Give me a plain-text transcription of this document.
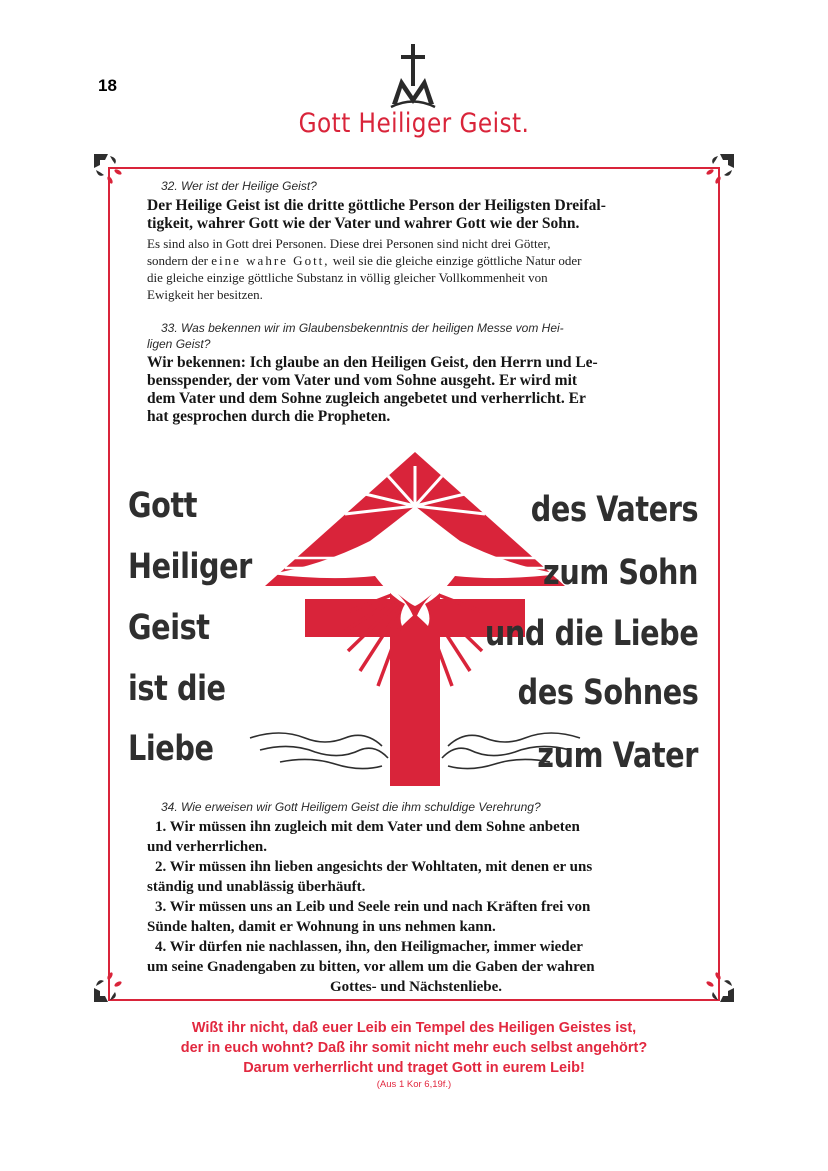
18
Gott Heiliger Geist.

32. Wer ist der Heilige Geist?

Der Heilige Geist ist die dritte göttliche Person der Heiligsten Dreifal-

tigkeit, wahrer Gott wie der Vater und wahrer Gott wie der Sohn.

Es sind also in Gott drei Personen. Diese drei Personen sind nicht drei Götter,

sondern der eine wahre Gott, weil sie die gleiche einzige göttliche Natur oder

die gleiche einzige göttliche Substanz in völlig gleicher Vollkommenheit von

Ewigkeit her besitzen.

33. Was bekennen wir im Glaubensbekenntnis der heiligen Messe vom Hei-

ligen Geist?

Wir bekennen: Ich glaube an den Heiligen Geist, den Herrn und Le-

bensspender, der vom Vater und vom Sohne ausgeht. Er wird mit

dem Vater und dem Sohne zugleich angebetet und verherrlicht. Er

hat gesprochen durch die Propheten.

Gott
Heiliger
Geist
ist die
Liebe
des Vaters
zum Sohn
und die Liebe
des Sohnes
zum Vater

34. Wie erweisen wir Gott Heiligem Geist die ihm schuldige Verehrung?

1. Wir müssen ihn zugleich mit dem Vater und dem Sohne anbeten

und verherrlichen.

2. Wir müssen ihn lieben angesichts der Wohltaten, mit denen er uns

ständig und unablässig überhäuft.

3. Wir müssen uns an Leib und Seele rein und nach Kräften frei von

Sünde halten, damit er Wohnung in uns nehmen kann.

4. Wir dürfen nie nachlassen, ihn, den Heiligmacher, immer wieder

um seine Gnadengaben zu bitten, vor allem um die Gaben der wahren

Gottes- und Nächstenliebe.

Wißt ihr nicht, daß euer Leib ein Tempel des Heiligen Geistes ist,
der in euch wohnt? Daß ihr somit nicht mehr euch selbst angehört?
Darum verherrlicht und traget Gott in eurem Leib!
(Aus 1 Kor 6,19f.)
